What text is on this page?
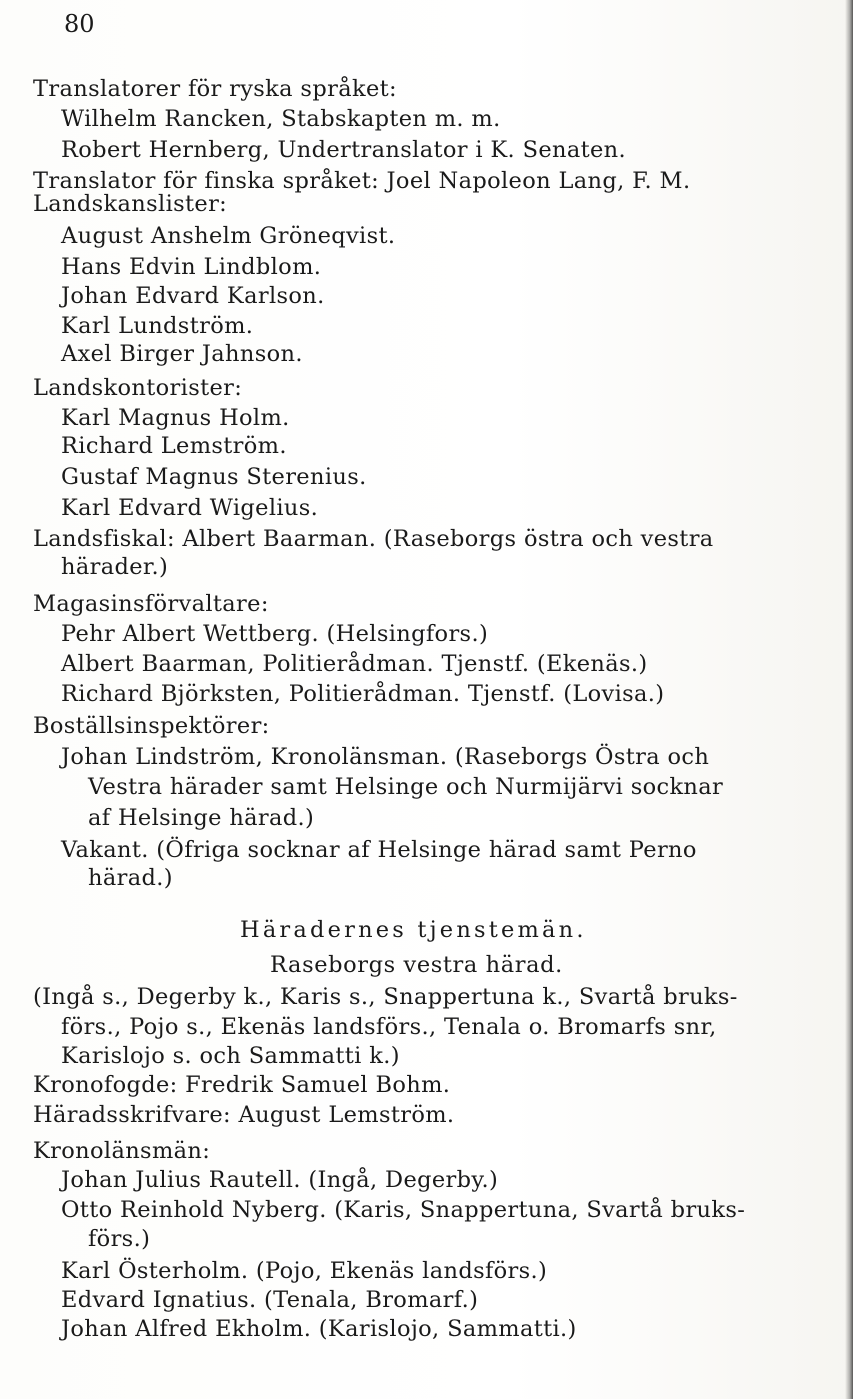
80
Translatorer för ryska språket:
Wilhelm Rancken, Stabskapten m. m.
Robert Hernberg, Undertranslator i K. Senaten.
Translator för finska språket: Joel Napoleon Lang, F. M.
Landskanslister:
August Anshelm Gröneqvist.
Hans Edvin Lindblom.
Johan Edvard Karlson.
Karl Lundström.
Axel Birger Jahnson.
Landskontorister:
Karl Magnus Holm.
Richard Lemström.
Gustaf Magnus Sterenius.
Karl Edvard Wigelius.
Landsfiskal: Albert Baarman. (Raseborgs östra och vestra
härader.)
Magasinsförvaltare:
Pehr Albert Wettberg. (Helsingfors.)
Albert Baarman, Politierådman. Tjenstf. (Ekenäs.)
Richard Björksten, Politierådman. Tjenstf. (Lovisa.)
Boställsinspektörer:
Johan Lindström, Kronolänsman. (Raseborgs Östra och
Vestra härader samt Helsinge och Nurmijärvi socknar
af Helsinge härad.)
Vakant. (Öfriga socknar af Helsinge härad samt Perno
härad.)
Häradernes tjenstemän.
Raseborgs vestra härad.
(Ingå s., Degerby k., Karis s., Snappertuna k., Svartå bruks-
förs., Pojo s., Ekenäs landsförs., Tenala o. Bromarfs snr,
Karislojo s. och Sammatti k.)
Kronofogde: Fredrik Samuel Bohm.
Häradsskrifvare: August Lemström.
Kronolänsmän:
Johan Julius Rautell. (Ingå, Degerby.)
Otto Reinhold Nyberg. (Karis, Snappertuna, Svartå bruks-
förs.)
Karl Österholm. (Pojo, Ekenäs landsförs.)
Edvard Ignatius. (Tenala, Bromarf.)
Johan Alfred Ekholm. (Karislojo, Sammatti.)
